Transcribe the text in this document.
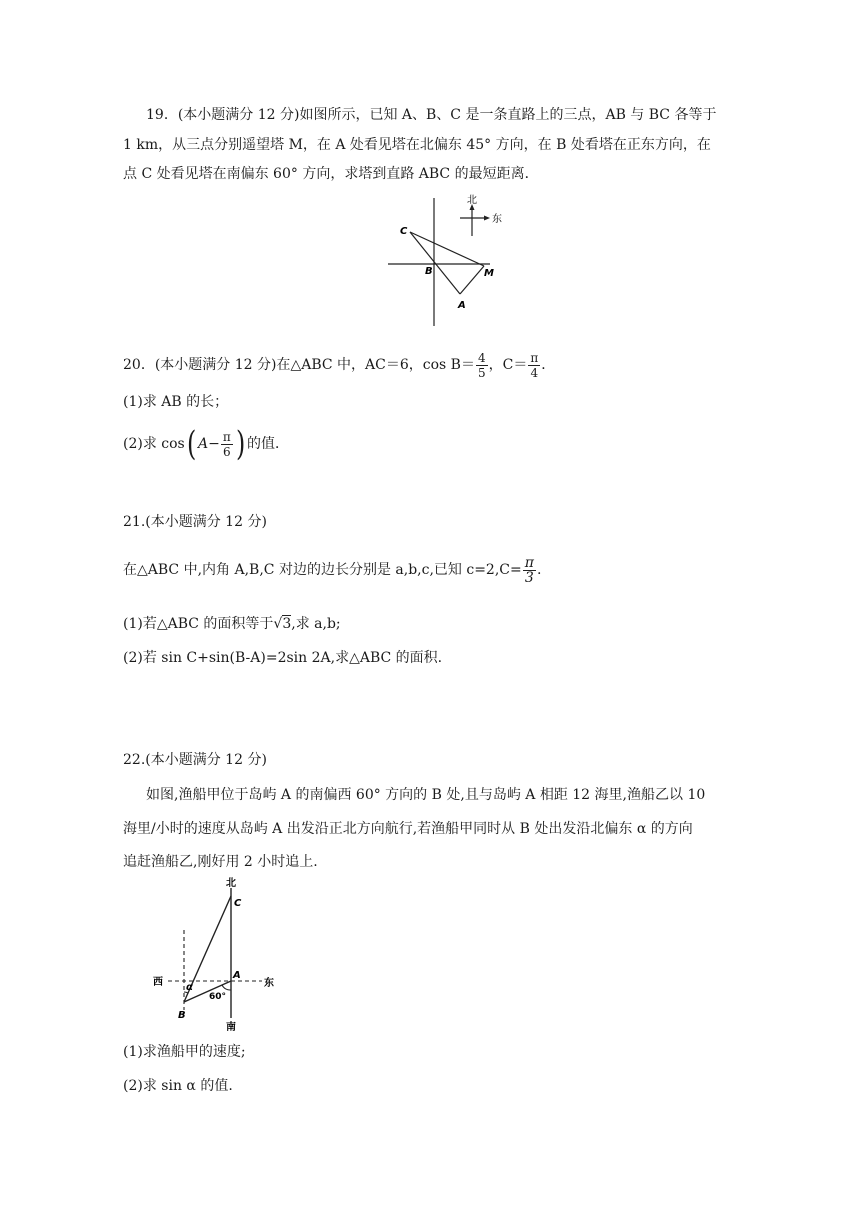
19．(本小题满分 12 分)如图所示，已知 A、B、C 是一条直路上的三点，AB 与 BC 各等于
1 km，从三点分别遥望塔 M，在 A 处看见塔在北偏东 45° 方向，在 B 处看塔在正东方向，在
点 C 处看见塔在南偏东 60° 方向，求塔到直路 ABC 的最短距离．
北
东
C
B	M
A
20．(本小题满分 12 分)在△ABC 中，AC＝6，$\cos B= \frac{4}{5}$ ，$C= \frac{\pi}{4}$ ．
(1)求 AB 的长；
(2)求 cos( $A- \frac{\pi}{6}$ ) 的值．
21.(本小题满分 12 分)
在△ABC 中,内角 A,B,C 对边的边长分别是 a,b,c,已知 $c=2,C= \frac{\pi}{3}$ .
(1)若△ABC 的面积等于√3,求 a,b;
(2)若 sin C+sin(B-A)=2sin 2A,求△ABC 的面积.
22.(本小题满分 12 分)
如图,渔船甲位于岛屿 A 的南偏西 60° 方向的 B 处,且与岛屿 A 相距 12 海里,渔船乙以 10
海里/小时的速度从岛屿 A 出发沿正北方向航行,若渔船甲同时从 B 处出发沿北偏东 α 的方向
追赶渔船乙,刚好用 2 小时追上.
北
C
西	东
A
α
60°
B
南
(1)求渔船甲的速度;
(2)求 sin α 的值.
